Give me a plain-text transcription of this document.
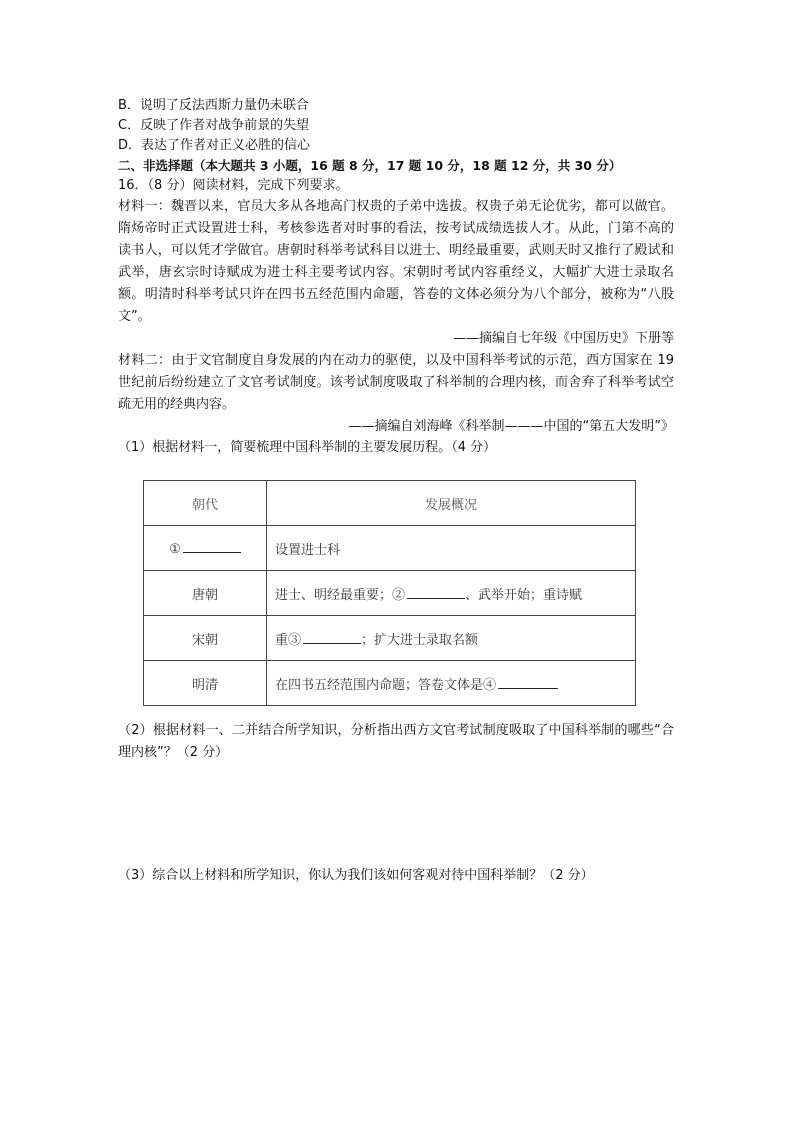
B．说明了反法西斯力量仍未联合
C．反映了作者对战争前景的失望
D．表达了作者对正义必胜的信心
二、非选择题（本大题共 3 小题，16 题 8 分，17 题 10 分，18 题 12 分，共 30 分）
16．（8 分）阅读材料，完成下列要求。
材料一：魏晋以来，官员大多从各地高门权贵的子弟中选拔。权贵子弟无论优劣，都可以做官。隋炀帝时正式设置进士科，考核参选者对时事的看法，按考试成绩选拔人才。从此，门第不高的读书人，可以凭才学做官。唐朝时科举考试科目以进士、明经最重要，武则天时又推行了殿试和武举，唐玄宗时诗赋成为进士科主要考试内容。宋朝时考试内容重经义，大幅扩大进士录取名额。明清时科举考试只许在四书五经范围内命题，答卷的文体必须分为八个部分，被称为“八股文”。
——摘编自七年级《中国历史》下册等
材料二：由于文官制度自身发展的内在动力的驱使，以及中国科举考试的示范，西方国家在 19 世纪前后纷纷建立了文官考试制度。该考试制度吸取了科举制的合理内核，而舍弃了科举考试空疏无用的经典内容。
——摘编自刘海峰《科举制———中国的“第五大发明”》
（1）根据材料一，简要梳理中国科举制的主要发展历程。（4 分）
朝代	发展概况
①	设置进士科
唐朝	进士、明经最重要；② 、武举开始；重诗赋
宋朝	重③ ；扩大进士录取名额
明清	在四书五经范围内命题；答卷文体是④
（2）根据材料一、二并结合所学知识，分析指出西方文官考试制度吸取了中国科举制的哪些“合理内核”？（2 分）
（3）综合以上材料和所学知识，你认为我们该如何客观对待中国科举制？（2 分）
